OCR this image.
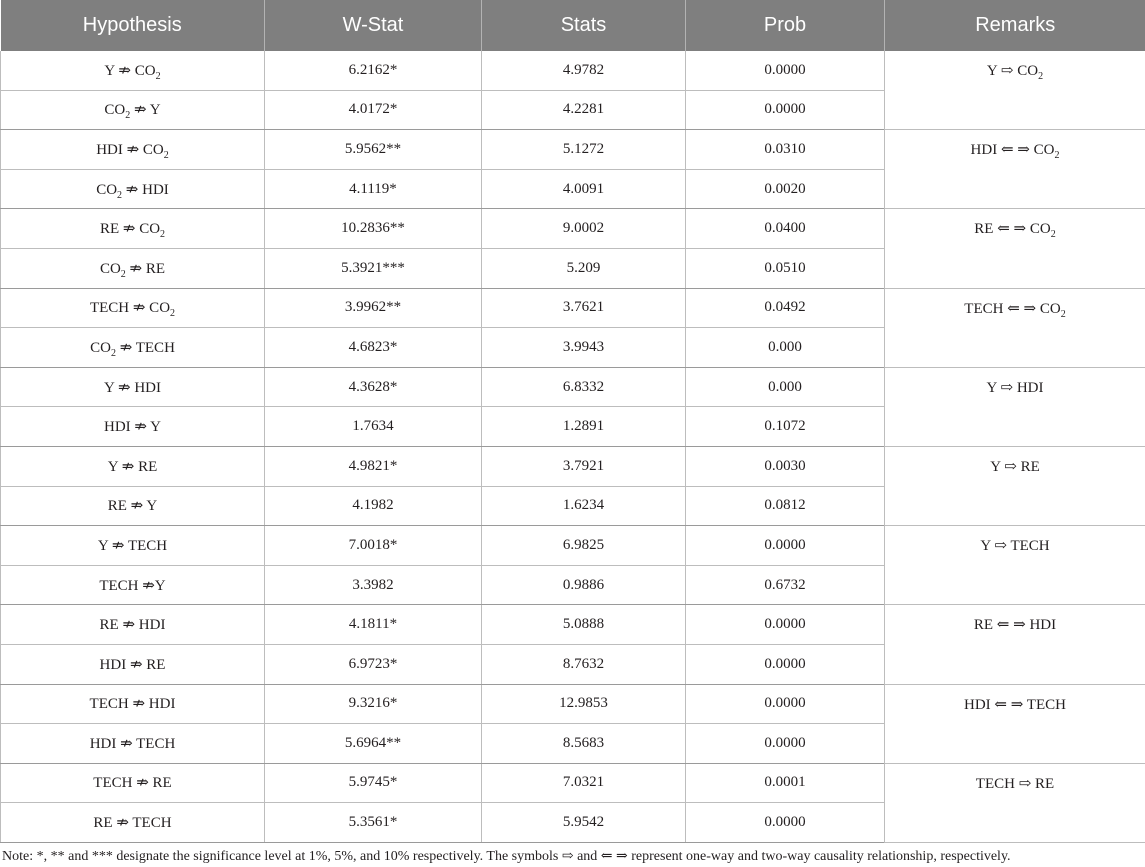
Hypothesis	W-Stat	Stats	Prob	Remarks
Y ⇏ $CO_2$	6.2162*	4.9782	0.0000	Y ⇨ $CO_2$
$CO_2$ ⇏ Y	4.0172*	4.2281	0.0000	
HDI ⇏ $CO_2$	5.9562**	5.1272	0.0310	HDI ⇐ ⇒ $CO_2$
$CO_2$ ⇏ HDI	4.1119*	4.0091	0.0020	
RE ⇏ $CO_2$	10.2836**	9.0002	0.0400	RE ⇐ ⇒ $CO_2$
$CO_2$ ⇏ RE	5.3921***	5.209	0.0510	
TECH ⇏ $CO_2$	3.9962**	3.7621	0.0492	TECH ⇐ ⇒ $CO_2$
$CO_2$ ⇏ TECH	4.6823*	3.9943	0.000	
Y ⇏ HDI	4.3628*	6.8332	0.000	Y ⇨ HDI
HDI ⇏ Y	1.7634	1.2891	0.1072	
Y ⇏ RE	4.9821*	3.7921	0.0030	Y ⇨ RE
RE ⇏ Y	4.1982	1.6234	0.0812	
Y ⇏ TECH	7.0018*	6.9825	0.0000	Y ⇨ TECH
TECH ⇏Y	3.3982	0.9886	0.6732	
RE ⇏ HDI	4.1811*	5.0888	0.0000	RE ⇐ ⇒ HDI
HDI ⇏ RE	6.9723*	8.7632	0.0000	
TECH ⇏ HDI	9.3216*	12.9853	0.0000	HDI ⇐ ⇒ TECH
HDI ⇏ TECH	5.6964**	8.5683	0.0000	
TECH ⇏ RE	5.9745*	7.0321	0.0001	TECH ⇨ RE
RE ⇏ TECH	5.3561*	5.9542	0.0000	
Note: *, ** and *** designate the significance level at 1%, 5%, and 10% respectively. The symbols ⇨ and ⇐ ⇒ represent one-way and two-way causality relationship, respectively.
